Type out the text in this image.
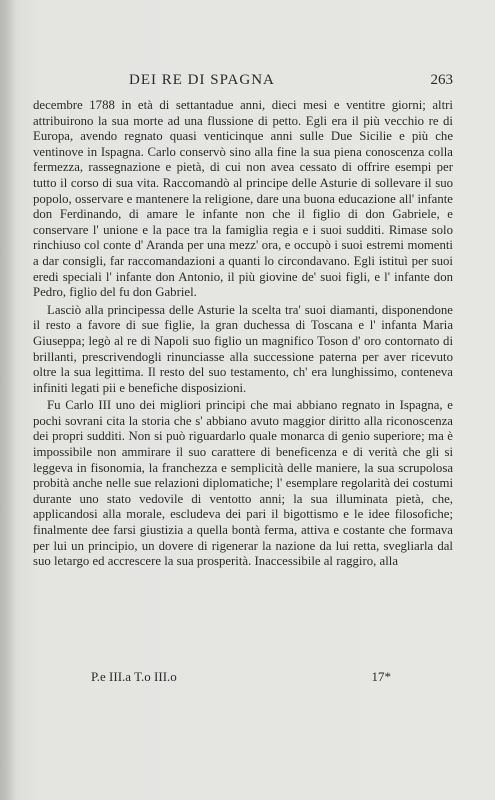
DEI RE DI SPAGNA	263

decembre 1788 in età di settantadue anni, dieci mesi e ventitre giorni; altri attribuirono la sua morte ad una flussione di petto. Egli era il più vecchio re di Europa, avendo regnato quasi venticinque anni sulle Due Sicilie e più che ventinove in Ispagna. Carlo conservò sino alla fine la sua piena conoscenza colla fermezza, rassegnazione e pietà, di cui non avea cessato di offrire esempi per tutto il corso di sua vita. Raccomandò al principe delle Asturie di sollevare il suo popolo, osservare e mantenere la religione, dare una buona educazione all' infante don Ferdinando, di amare le infante non che il figlio di don Gabriele, e conservare l' unione e la pace tra la famiglia regia e i suoi sudditi. Rimase solo rinchiuso col conte d' Aranda per una mezz' ora, e occupò i suoi estremi momenti a dar consigli, far raccomandazioni a quanti lo circondavano. Egli istituì per suoi eredi speciali l' infante don Antonio, il più giovine de' suoi figli, e l' infante don Pedro, figlio del fu don Gabriel.

Lasciò alla principessa delle Asturie la scelta tra' suoi diamanti, disponendone il resto a favore di sue figlie, la gran duchessa di Toscana e l' infanta Maria Giuseppa; legò al re di Napoli suo figlio un magnifico Toson d' oro contornato di brillanti, prescrivendogli rinunciasse alla successione paterna per aver ricevuto oltre la sua legittima. Il resto del suo testamento, ch' era lunghissimo, conteneva infiniti legati pii e benefiche disposizioni.

Fu Carlo III uno dei migliori principi che mai abbiano regnato in Ispagna, e pochi sovrani cita la storia che s' abbiano avuto maggior diritto alla riconoscenza dei propri sudditi. Non si può riguardarlo quale monarca di genio superiore; ma è impossibile non ammirare il suo carattere di beneficenza e di verità che gli si leggeva in fisonomia, la franchezza e semplicità delle maniere, la sua scrupolosa probità anche nelle sue relazioni diplomatiche; l' esemplare regolarità dei costumi durante uno stato vedovile di ventotto anni; la sua illuminata pietà, che, applicandosi alla morale, escludeva dei pari il bigottismo e le idee filosofiche; finalmente dee farsi giustizia a quella bontà ferma, attiva e costante che formava per lui un principio, un dovere di rigenerar la nazione da lui retta, svegliarla dal suo letargo ed accrescere la sua prosperità. Inaccessibile al raggiro, alla

P.e III.a T.o III.o	17*
